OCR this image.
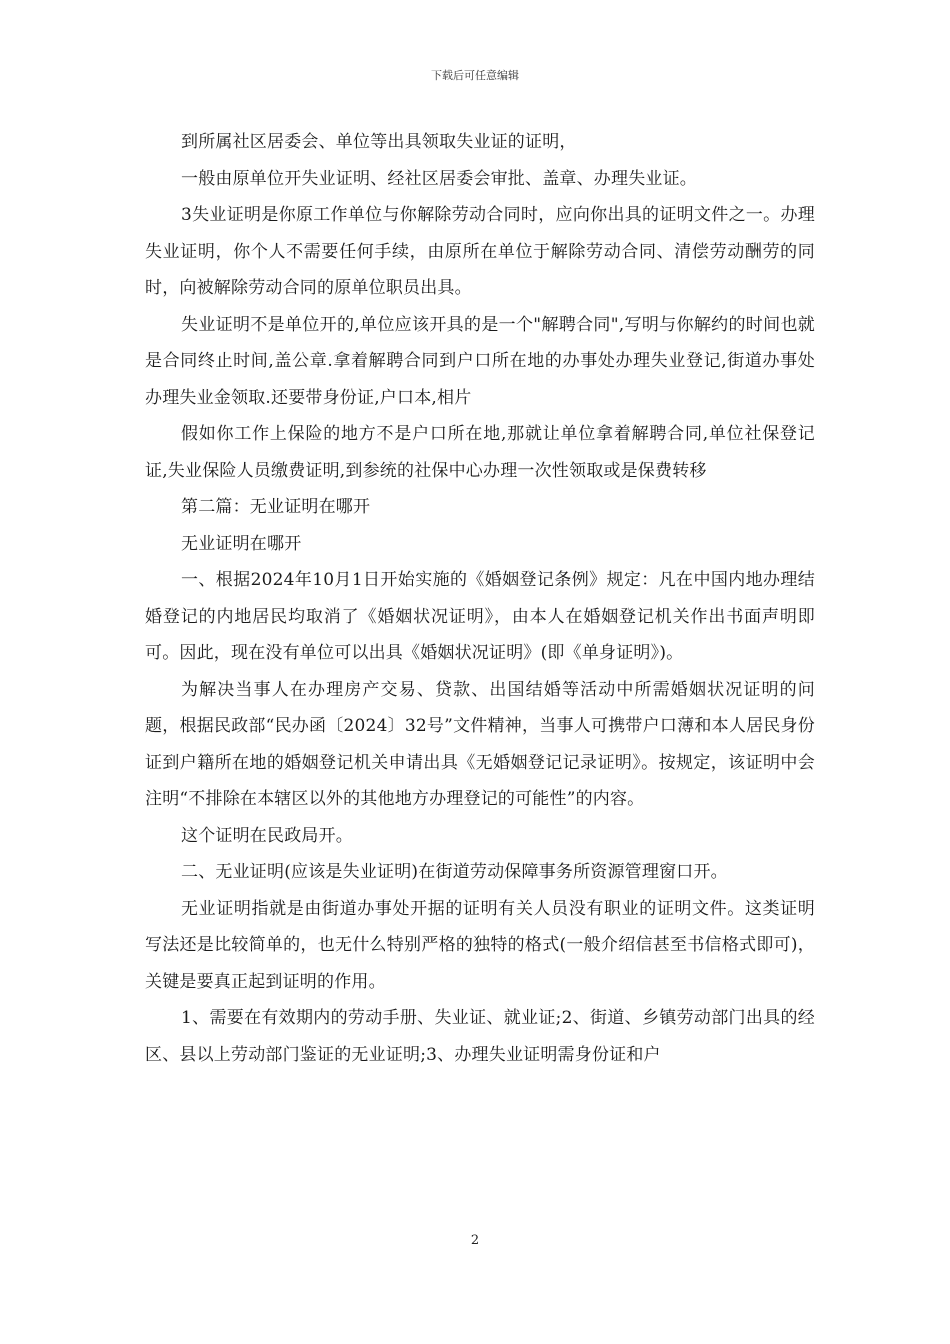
下载后可任意编辑

到所属社区居委会、单位等出具领取失业证的证明，

一般由原单位开失业证明、经社区居委会审批、盖章、办理失业证。

3失业证明是你原工作单位与你解除劳动合同时，应向你出具的证明文件之一。办理失业证明，你个人不需要任何手续，由原所在单位于解除劳动合同、清偿劳动酬劳的同时，向被解除劳动合同的原单位职员出具。

失业证明不是单位开的,单位应该开具的是一个"解聘合同",写明与你解约的时间也就是合同终止时间,盖公章.拿着解聘合同到户口所在地的办事处办理失业登记,街道办事处办理失业金领取.还要带身份证,户口本,相片

假如你工作上保险的地方不是户口所在地,那就让单位拿着解聘合同,单位社保登记证,失业保险人员缴费证明,到参统的社保中心办理一次性领取或是保费转移

第二篇：无业证明在哪开

无业证明在哪开

一、根据2024年10月1日开始实施的《婚姻登记条例》规定：凡在中国内地办理结婚登记的内地居民均取消了《婚姻状况证明》，由本人在婚姻登记机关作出书面声明即可。因此，现在没有单位可以出具《婚姻状况证明》(即《单身证明》)。

为解决当事人在办理房产交易、贷款、出国结婚等活动中所需婚姻状况证明的问题，根据民政部“民办函〔2024〕32号”文件精神，当事人可携带户口薄和本人居民身份证到户籍所在地的婚姻登记机关申请出具《无婚姻登记记录证明》。按规定，该证明中会注明“不排除在本辖区以外的其他地方办理登记的可能性”的内容。

这个证明在民政局开。

二、无业证明(应该是失业证明)在街道劳动保障事务所资源管理窗口开。

无业证明指就是由街道办事处开据的证明有关人员没有职业的证明文件。这类证明写法还是比较简单的，也无什么特别严格的独特的格式(一般介绍信甚至书信格式即可)，关键是要真正起到证明的作用。

1、需要在有效期内的劳动手册、失业证、就业证;2、街道、乡镇劳动部门出具的经区、县以上劳动部门鉴证的无业证明;3、办理失业证明需身份证和户

2
